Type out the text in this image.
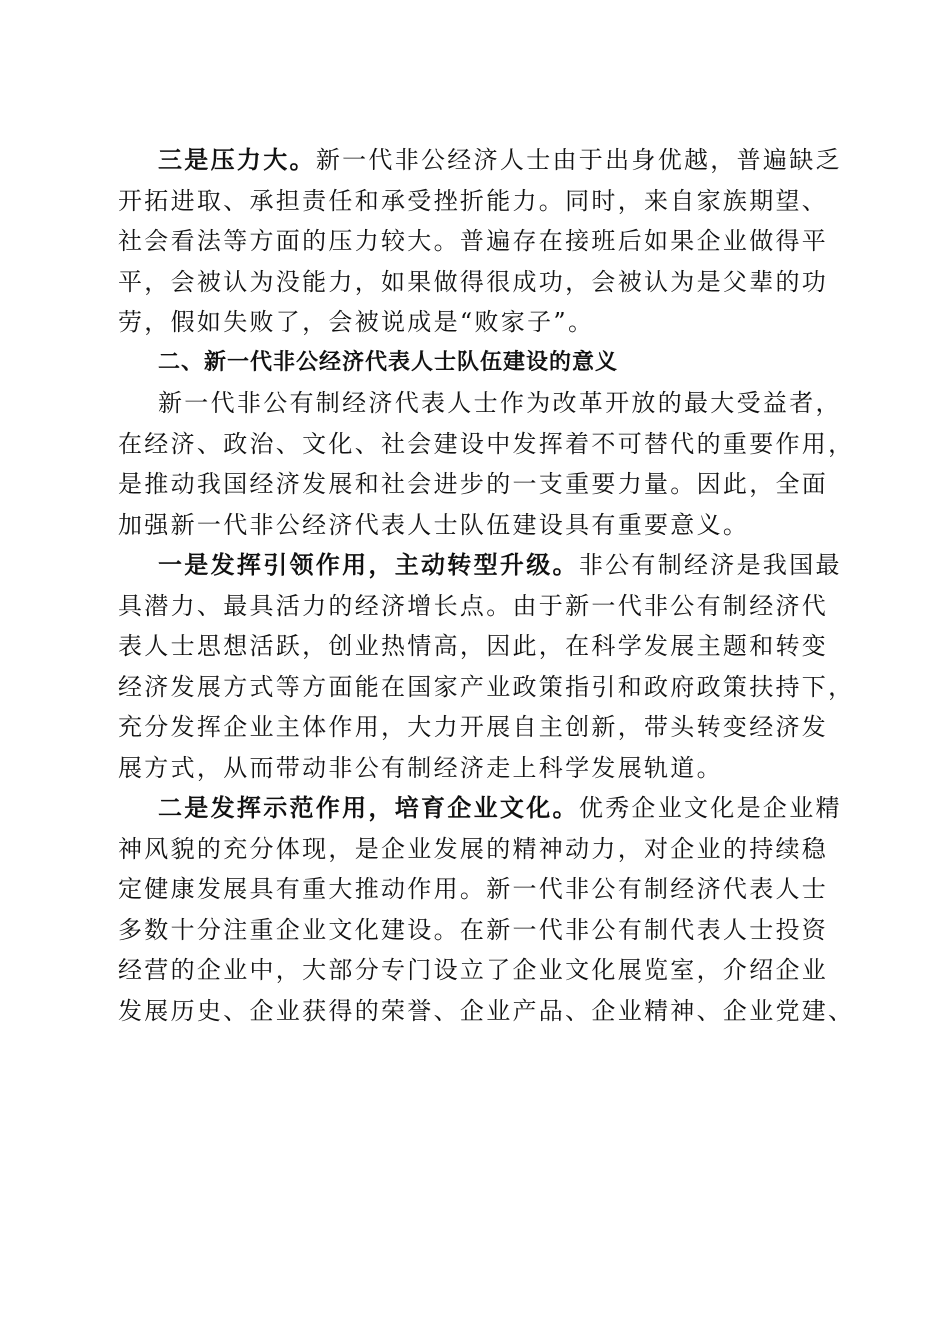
三是压力大。新一代非公经济人士由于出身优越，普遍缺乏
开拓进取、承担责任和承受挫折能力。同时，来自家族期望、
社会看法等方面的压力较大。普遍存在接班后如果企业做得平
平，会被认为没能力，如果做得很成功，会被认为是父辈的功
劳，假如失败了，会被说成是“败家子”。
二、新一代非公经济代表人士队伍建设的意义
新一代非公有制经济代表人士作为改革开放的最大受益者，
在经济、政治、文化、社会建设中发挥着不可替代的重要作用，
是推动我国经济发展和社会进步的一支重要力量。因此，全面
加强新一代非公经济代表人士队伍建设具有重要意义。
一是发挥引领作用，主动转型升级。非公有制经济是我国最
具潜力、最具活力的经济增长点。由于新一代非公有制经济代
表人士思想活跃，创业热情高，因此，在科学发展主题和转变
经济发展方式等方面能在国家产业政策指引和政府政策扶持下，
充分发挥企业主体作用，大力开展自主创新，带头转变经济发
展方式，从而带动非公有制经济走上科学发展轨道。
二是发挥示范作用，培育企业文化。优秀企业文化是企业精
神风貌的充分体现，是企业发展的精神动力，对企业的持续稳
定健康发展具有重大推动作用。新一代非公有制经济代表人士
多数十分注重企业文化建设。在新一代非公有制代表人士投资
经营的企业中，大部分专门设立了企业文化展览室，介绍企业
发展历史、企业获得的荣誉、企业产品、企业精神、企业党建、
